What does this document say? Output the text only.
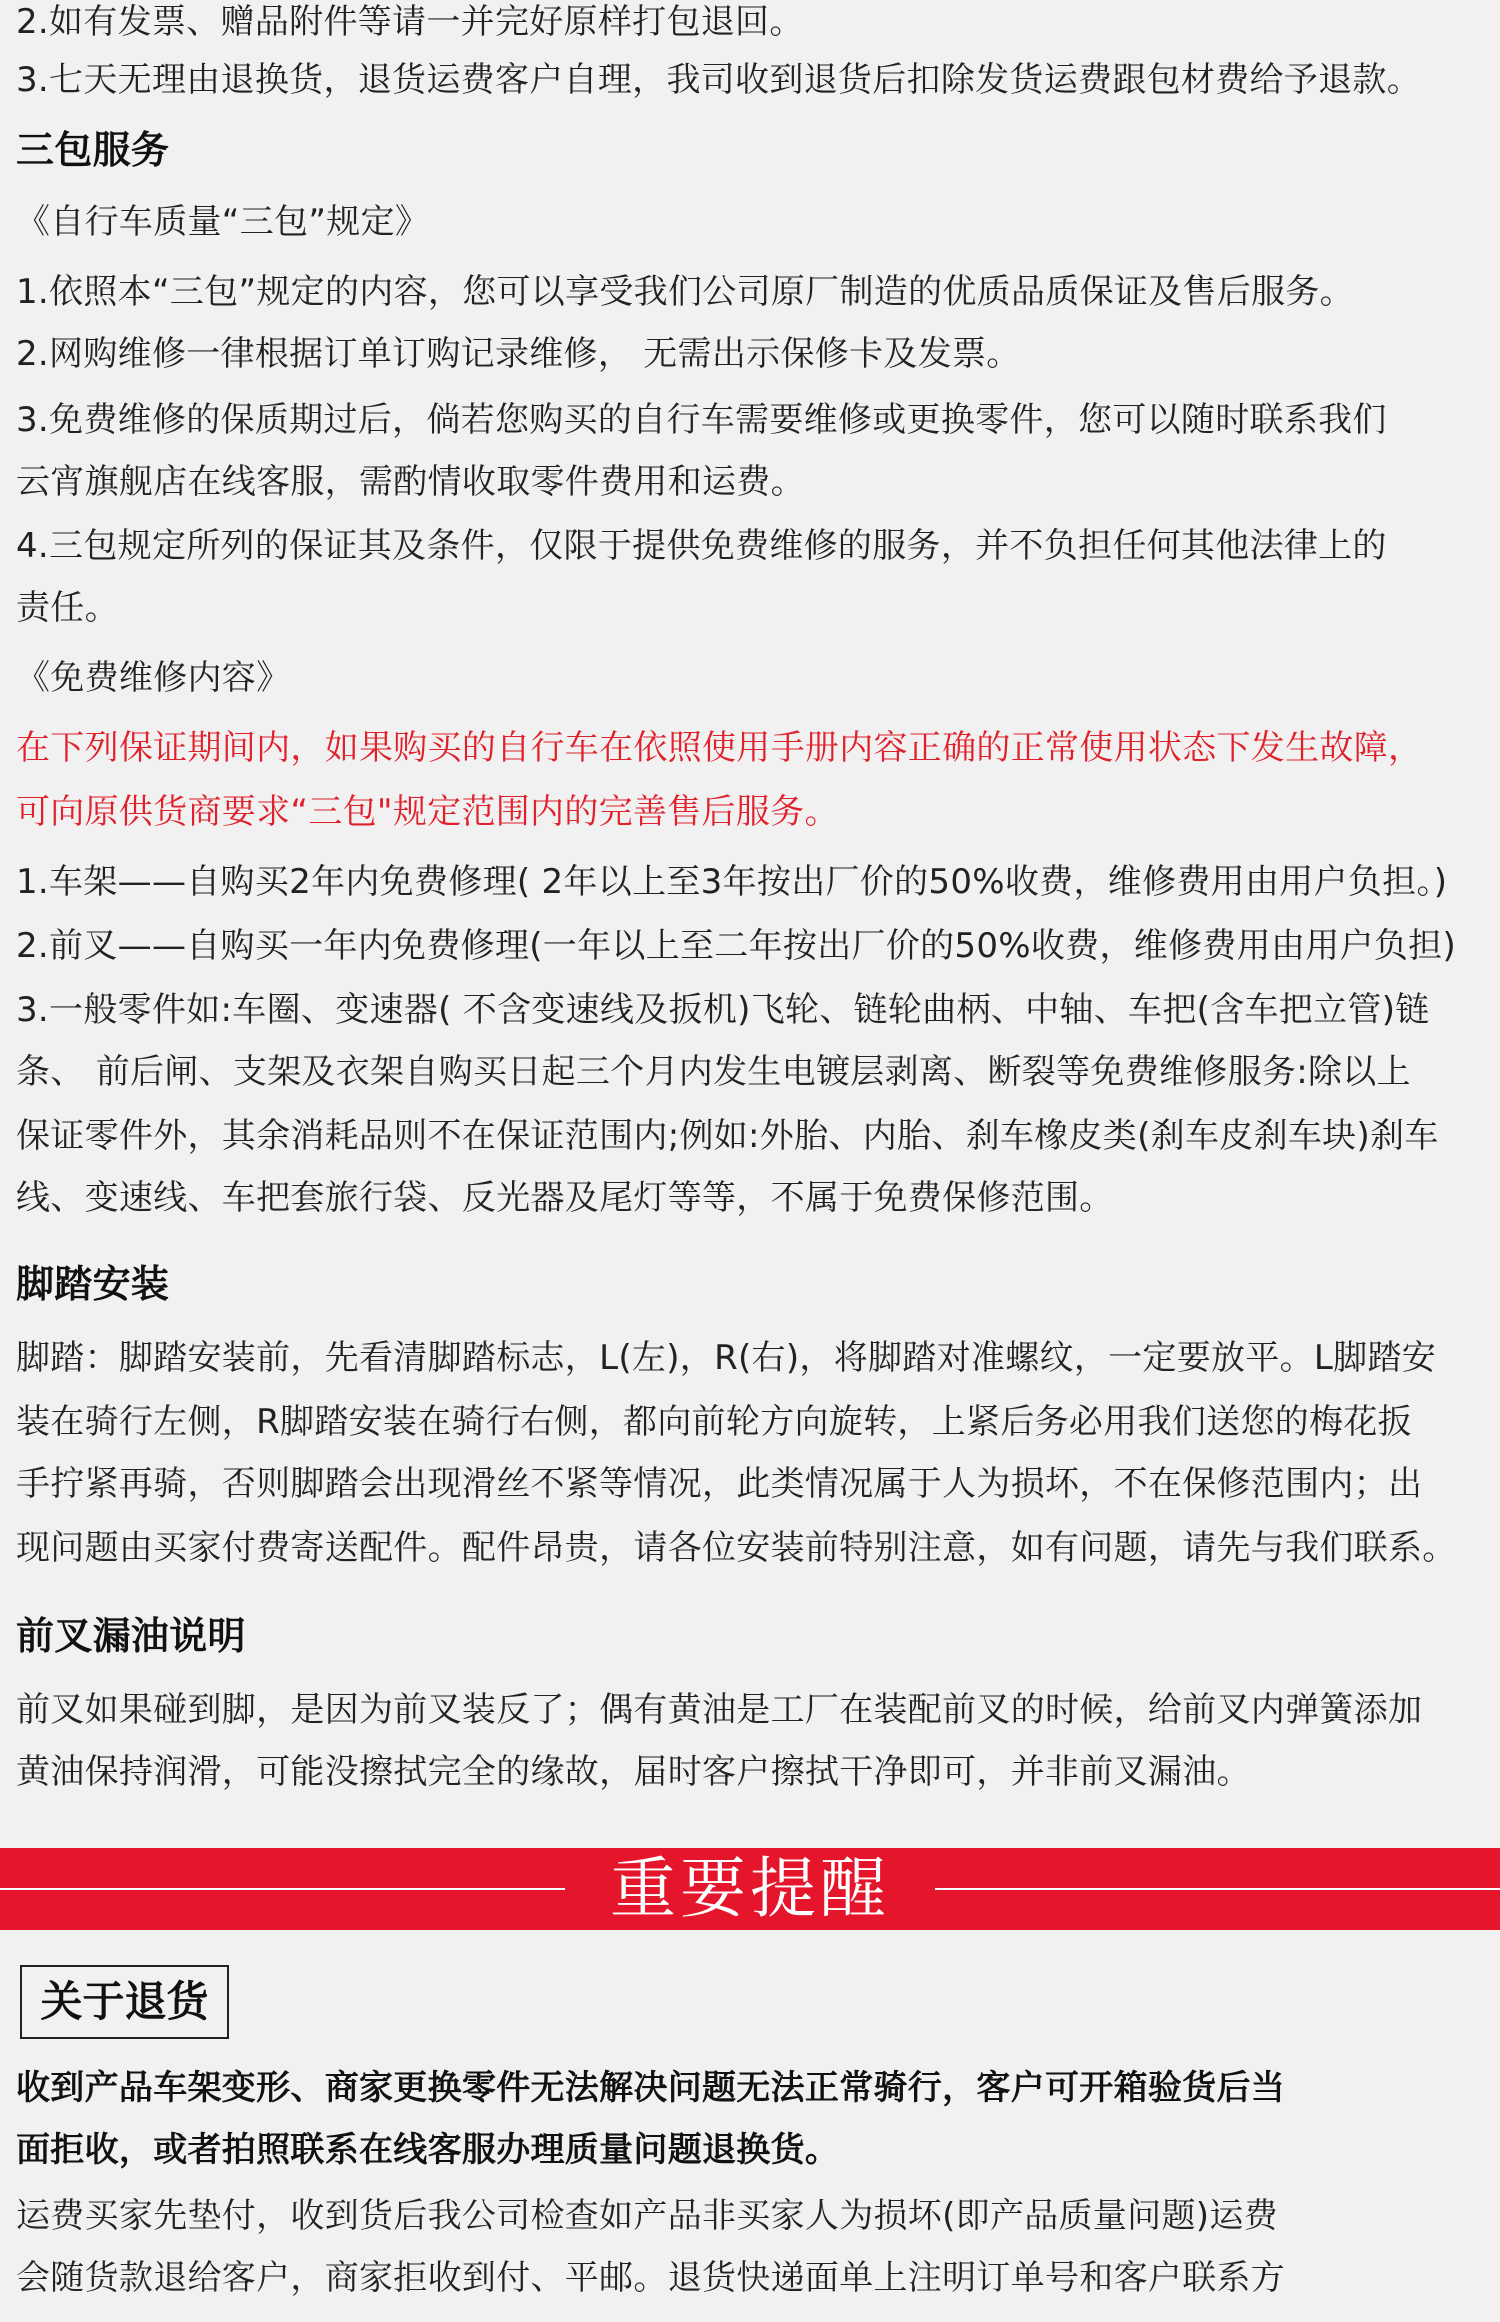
2.如有发票、赠品附件等请一并完好原样打包退回。
3.七天无理由退换货，退货运费客户自理，我司收到退货后扣除发货运费跟包材费给予退款。
三包服务
《自行车质量“三包”规定》
1.依照本“三包”规定的内容，您可以享受我们公司原厂制造的优质品质保证及售后服务。
2.网购维修一律根据订单订购记录维修， 无需出示保修卡及发票。
3.免费维修的保质期过后，倘若您购买的自行车需要维修或更换零件，您可以随时联系我们
云宵旗舰店在线客服，需酌情收取零件费用和运费。
4.三包规定所列的保证其及条件，仅限于提供免费维修的服务，并不负担任何其他法律上的
责任。
《免费维修内容》
在下列保证期间内，如果购买的自行车在依照使用手册内容正确的正常使用状态下发生故障，
可向原供货商要求“三包"规定范围内的完善售后服务。
1.车架——自购买2年内免费修理( 2年以上至3年按出厂价的50%收费，维修费用由用户负担。)
2.前叉——自购买一年内免费修理(一年以上至二年按出厂价的50%收费，维修费用由用户负担)
3.一般零件如:车圈、变速器( 不含变速线及扳机)飞轮、链轮曲柄、中轴、车把(含车把立管)链
条、 前后闸、支架及衣架自购买日起三个月内发生电镀层剥离、断裂等免费维修服务:除以上
保证零件外，其余消耗品则不在保证范围内;例如:外胎、内胎、刹车橡皮类(刹车皮刹车块)刹车
线、变速线、车把套旅行袋、反光器及尾灯等等，不属于免费保修范围。
脚踏安装
脚踏：脚踏安装前，先看清脚踏标志，L(左)，R(右)，将脚踏对准螺纹，一定要放平。L脚踏安
装在骑行左侧，R脚踏安装在骑行右侧，都向前轮方向旋转，上紧后务必用我们送您的梅花扳
手拧紧再骑，否则脚踏会出现滑丝不紧等情况，此类情况属于人为损坏，不在保修范围内；出
现问题由买家付费寄送配件。配件昂贵，请各位安装前特别注意，如有问题，请先与我们联系。
前叉漏油说明
前叉如果碰到脚，是因为前叉装反了；偶有黄油是工厂在装配前叉的时候，给前叉内弹簧添加
黄油保持润滑，可能没擦拭完全的缘故，届时客户擦拭干净即可，并非前叉漏油。
重要提醒
关于退货
收到产品车架变形、商家更换零件无法解决问题无法正常骑行，客户可开箱验货后当
面拒收，或者拍照联系在线客服办理质量问题退换货。
运费买家先垫付，收到货后我公司检查如产品非买家人为损坏(即产品质量问题)运费
会随货款退给客户，商家拒收到付、平邮。退货快递面单上注明订单号和客户联系方
